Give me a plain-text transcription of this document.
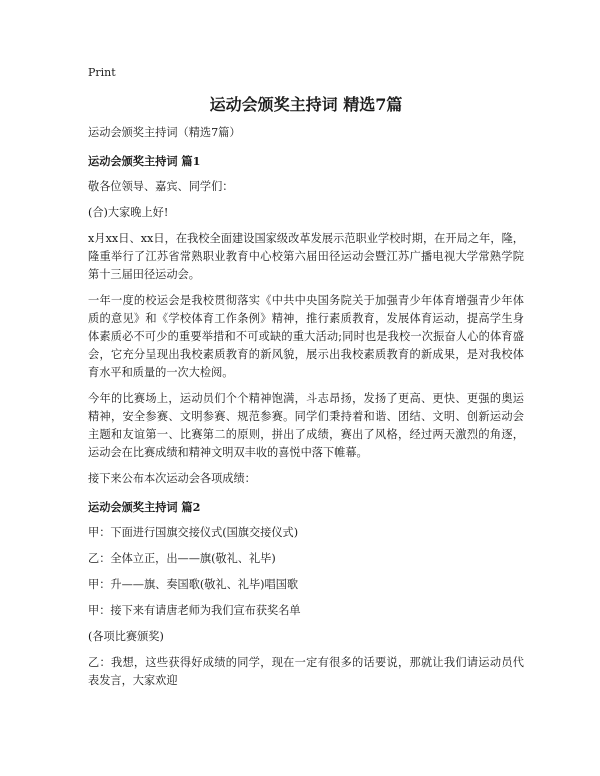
Print
运动会颁奖主持词 精选7篇

运动会颁奖主持词（精选7篇）

运动会颁奖主持词 篇1

敬各位领导、嘉宾、同学们：

(合)大家晚上好!

x月xx日、xx日，在我校全面建设国家级改革发展示范职业学校时期，在开局之年，隆，隆重举行了江苏省常熟职业教育中心校第六届田径运动会暨江苏广播电视大学常熟学院第十三届田径运动会。

一年一度的校运会是我校贯彻落实《中共中央国务院关于加强青少年体育增强青少年体质的意见》和《学校体育工作条例》精神，推行素质教育，发展体育运动，提高学生身体素质必不可少的重要举措和不可或缺的重大活动;同时也是我校一次振奋人心的体育盛会，它充分呈现出我校素质教育的新风貌，展示出我校素质教育的新成果，是对我校体育水平和质量的一次大检阅。

今年的比赛场上，运动员们个个精神饱满，斗志昂扬，发扬了更高、更快、更强的奥运精神，安全参赛、文明参赛、规范参赛。同学们秉持着和谐、团结、文明、创新运动会主题和友谊第一、比赛第二的原则，拼出了成绩，赛出了风格，经过两天激烈的角逐，运动会在比赛成绩和精神文明双丰收的喜悦中落下帷幕。

接下来公布本次运动会各项成绩：

运动会颁奖主持词 篇2

甲：下面进行国旗交接仪式(国旗交接仪式)

乙：全体立正，出——旗(敬礼、礼毕)

甲：升——旗、奏国歌(敬礼、礼毕)唱国歌

甲：接下来有请唐老师为我们宣布获奖名单

(各项比赛颁奖)

乙：我想，这些获得好成绩的同学，现在一定有很多的话要说，那就让我们请运动员代表发言，大家欢迎
